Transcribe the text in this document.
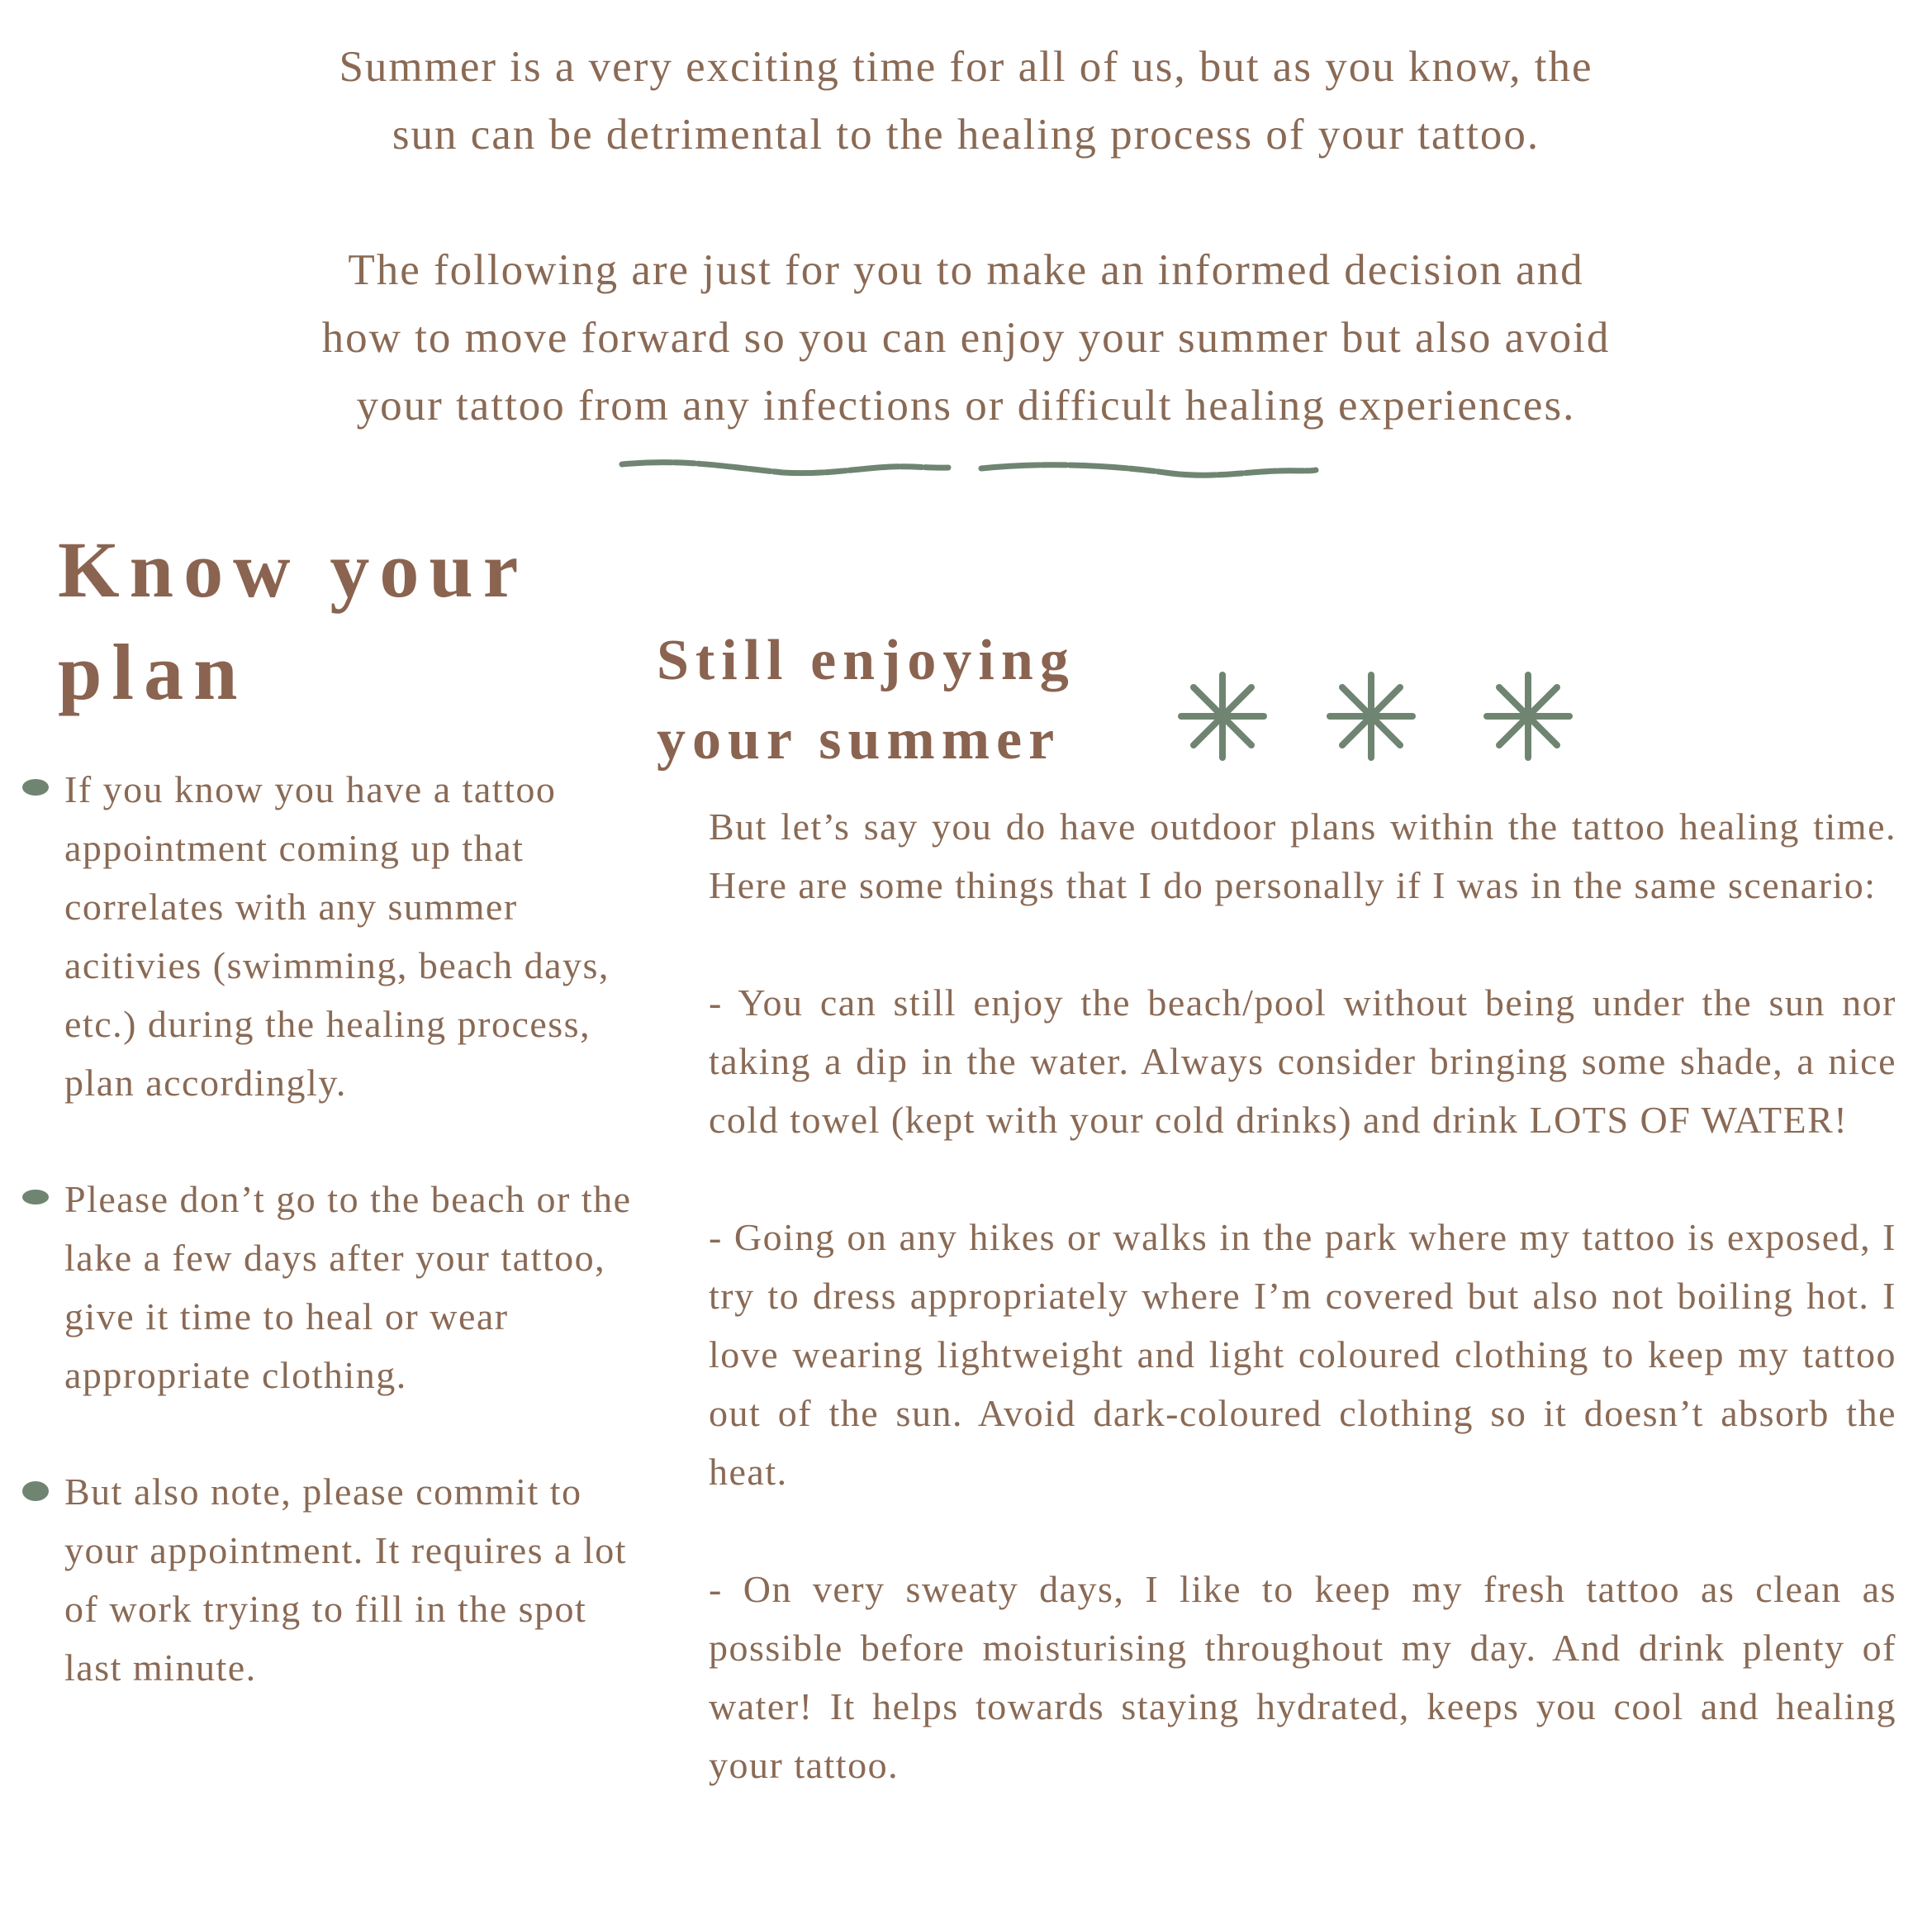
Summer is a very exciting time for all of us, but as you know, the

sun can be detrimental to the healing process of your tattoo.

The following are just for you to make an informed decision and

how to move forward so you can enjoy your summer but also avoid

your tattoo from any infections or difficult healing experiences.

Know your
plan	Still enjoying
your summer
If you know you have a tattoo appointment coming up that correlates with any summer acitivies (swimming, beach days, etc.) during the healing process, plan accordingly.
Please don’t go to the beach or the lake a few days after your tattoo, give it time to heal or wear appropriate clothing.
But also note, please commit to your appointment. It requires a lot of work trying to fill in the spot last minute.

But let’s say you do have outdoor plans within the tattoo healing time. Here are some things that I do personally if I was in the same scenario:

- You can still enjoy the beach/pool without being under the sun nor taking a dip in the water. Always consider bringing some shade, a nice cold towel (kept with your cold drinks) and drink LOTS OF WATER!

- Going on any hikes or walks in the park where my tattoo is exposed, I try to dress appropriately where I’m covered but also not boiling hot. I love wearing lightweight and light coloured clothing to keep my tattoo out of the sun. Avoid dark-coloured clothing so it doesn’t absorb the heat.

- On very sweaty days, I like to keep my fresh tattoo as clean as possible before moisturising throughout my day. And drink plenty of water! It helps towards staying hydrated, keeps you cool and healing your tattoo.
